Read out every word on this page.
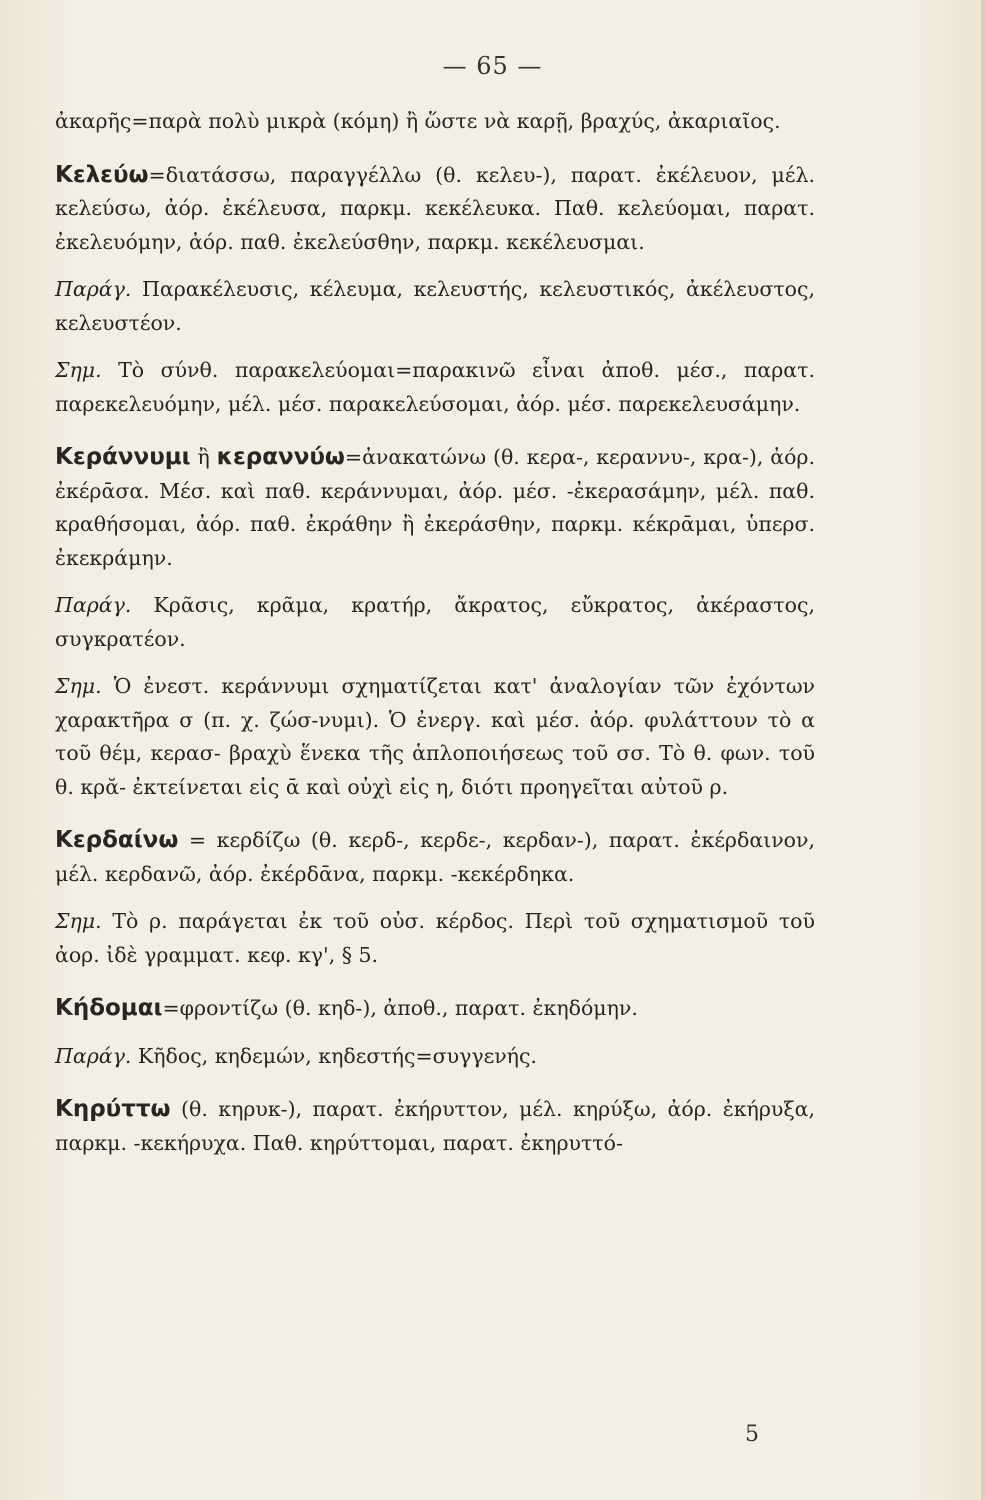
— 65 —
ἀκαρῆς=παρὰ πολὺ μικρὰ (κόμη) ἢ ὥστε νὰ καρῇ, βραχύς, ἀκαριαῖος.
Κελεύω=διατάσσω, παραγγέλλω (θ. κελευ-), παρατ. ἐκέλευον, μέλ. κελεύσω, ἀόρ. ἐκέλευσα, παρκμ. κεκέλευκα. Παθ. κελεύομαι, παρατ. ἐκελευόμην, ἀόρ. παθ. ἐκελεύσθην, παρκμ. κεκέλευσμαι.
Παράγ. Παρακέλευσις, κέλευμα, κελευστής, κελευστικός, ἀκέλευστος, κελευστέον.
Σημ. Τὸ σύνθ. παρακελεύομαι=παρακινῶ εἶναι ἀποθ. μέσ., παρατ. παρεκελευόμην, μέλ. μέσ. παρακελεύσομαι, ἀόρ. μέσ. παρεκελευσάμην.
Κεράννυμι ἢ κεραννύω=ἀνακατώνω (θ. κερα-, κεραννυ-, κρα-), ἀόρ. ἐκέρᾱσα. Μέσ. καὶ παθ. κεράννυμαι, ἀόρ. μέσ. -ἐκερασάμην, μέλ. παθ. κραθήσομαι, ἀόρ. παθ. ἐκράθην ἢ ἐκεράσθην, παρκμ. κέκρᾱμαι, ὑπερσ. ἐκεκράμην.
Παράγ. Κρᾶσις, κρᾶμα, κρατήρ, ἄκρατος, εὔκρατος, ἀκέραστος, συγκρατέον.
Σημ. Ὁ ἐνεστ. κεράννυμι σχηματίζεται κατ' ἀναλογίαν τῶν ἐχόντων χαρακτῆρα σ (π. χ. ζώσ-νυμι). Ὁ ἐνεργ. καὶ μέσ. ἀόρ. φυλάττουν τὸ α τοῦ θέμ, κερασ- βραχὺ ἕνεκα τῆς ἁπλοποιήσεως τοῦ σσ. Τὸ θ. φων. τοῦ θ. κρᾰ- ἐκτείνεται εἰς ᾱ καὶ οὐχὶ εἰς η, διότι προηγεῖται αὐτοῦ ρ.
Κερδαίνω = κερδίζω (θ. κερδ-, κερδε-, κερδαν-), παρατ. ἐκέρδαινον, μέλ. κερδανῶ, ἀόρ. ἐκέρδᾱνα, παρκμ. -κεκέρδηκα.
Σημ. Τὸ ρ. παράγεται ἐκ τοῦ οὐσ. κέρδος. Περὶ τοῦ σχηματισμοῦ τοῦ ἀορ. ἰδὲ γραμματ. κεφ. κγ', § 5.
Κήδομαι=φροντίζω (θ. κηδ-), ἀποθ., παρατ. ἐκηδόμην.
Παράγ. Κῆδος, κηδεμών, κηδεστής=συγγενής.
Κηρύττω (θ. κηρυκ-), παρατ. ἐκήρυττον, μέλ. κηρύξω, ἀόρ. ἐκήρυξα, παρκμ. -κεκήρυχα. Παθ. κηρύττομαι, παρατ. ἐκηρυττό-
5
